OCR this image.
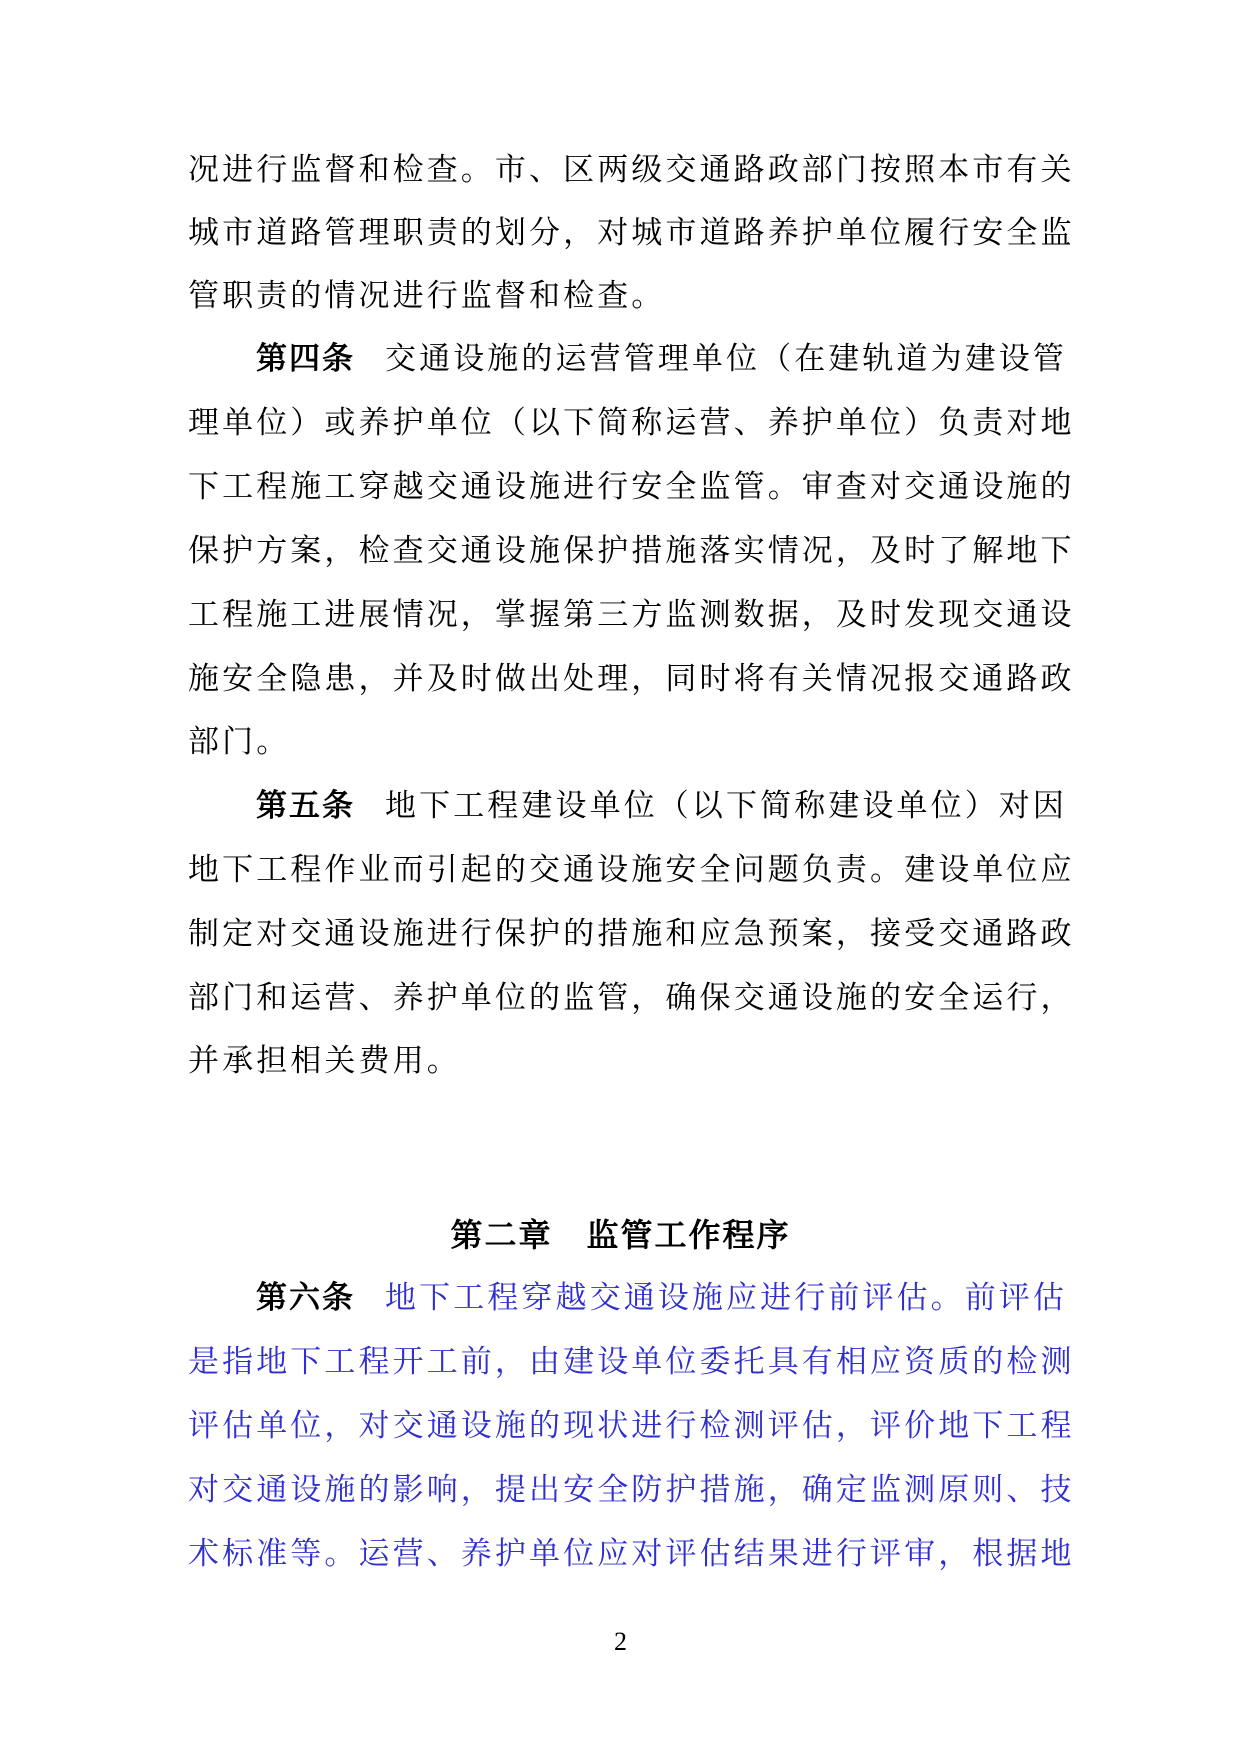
况进行监督和检查。市、区两级交通路政部门按照本市有关
城市道路管理职责的划分，对城市道路养护单位履行安全监
管职责的情况进行监督和检查。
第四条 交通设施的运营管理单位（在建轨道为建设管
理单位）或养护单位（以下简称运营、养护单位）负责对地
下工程施工穿越交通设施进行安全监管。审查对交通设施的
保护方案，检查交通设施保护措施落实情况，及时了解地下
工程施工进展情况，掌握第三方监测数据，及时发现交通设
施安全隐患，并及时做出处理，同时将有关情况报交通路政
部门。
第五条 地下工程建设单位（以下简称建设单位）对因
地下工程作业而引起的交通设施安全问题负责。建设单位应
制定对交通设施进行保护的措施和应急预案，接受交通路政
部门和运营、养护单位的监管，确保交通设施的安全运行，
并承担相关费用。
第二章 监管工作程序
第六条 地下工程穿越交通设施应进行前评估。前评估
是指地下工程开工前，由建设单位委托具有相应资质的检测
评估单位，对交通设施的现状进行检测评估，评价地下工程
对交通设施的影响，提出安全防护措施，确定监测原则、技
术标准等。运营、养护单位应对评估结果进行评审，根据地
2
